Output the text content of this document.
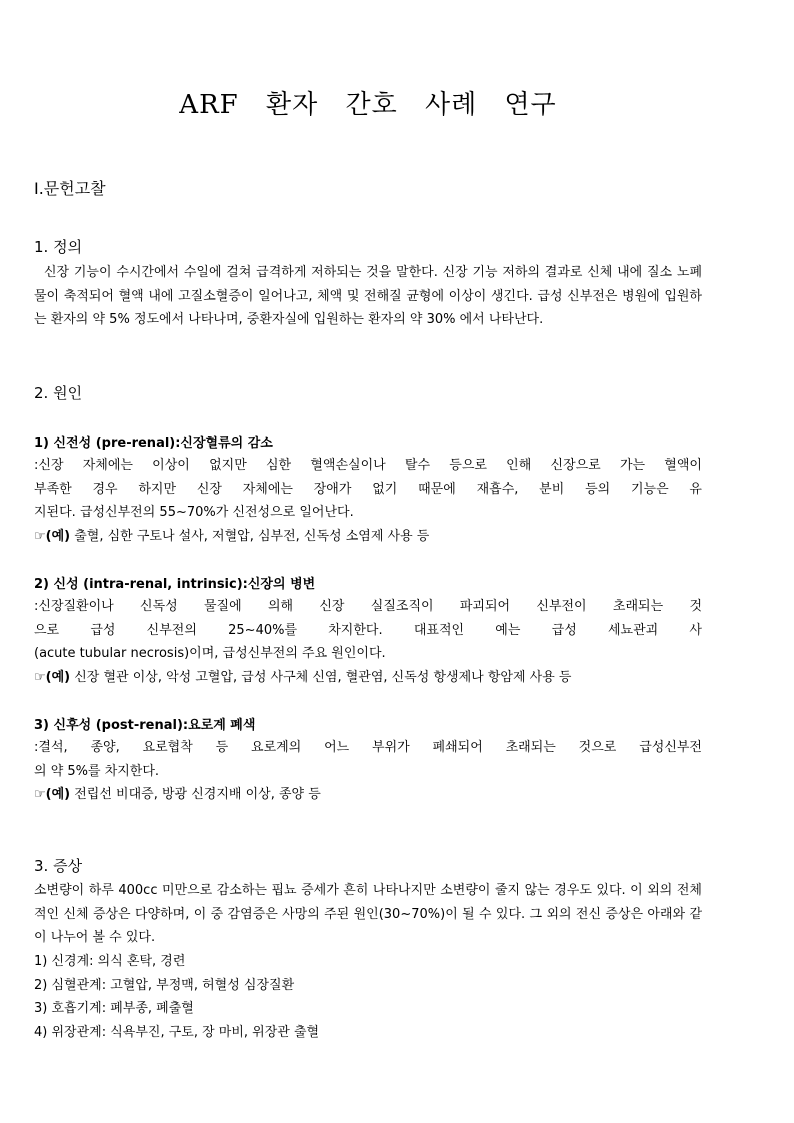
ARF 환자 간호 사례 연구
Ⅰ.문헌고찰
1. 정의
신장 기능이 수시간에서 수일에 걸쳐 급격하게 저하되는 것을 말한다. 신장 기능 저하의 결과로 신체 내에 질소 노폐물이 축적되어 혈액 내에 고질소혈증이 일어나고, 체액 및 전해질 균형에 이상이 생긴다. 급성 신부전은 병원에 입원하는 환자의 약 5% 정도에서 나타나며, 중환자실에 입원하는 환자의 약 30% 에서 나타난다.
2. 원인
1) 신전성 (pre-renal):신장혈류의 감소
:신장 자체에는 이상이 없지만 심한 혈액손실이나 탈수 등으로 인해 신장으로 가는 혈액이
부족한 경우 하지만 신장 자체에는 장애가 없기 때문에 재흡수, 분비 등의 기능은 유
지된다. 급성신부전의 55~70%가 신전성으로 일어난다.
☞(예) 출혈, 심한 구토나 설사, 저혈압, 심부전, 신독성 소염제 사용 등
2) 신성 (intra-renal, intrinsic):신장의 병변
:신장질환이나 신독성 물질에 의해 신장 실질조직이 파괴되어 신부전이 초래되는 것
으로 급성 신부전의 25~40%를 차지한다. 대표적인 예는 급성 세뇨관괴 사
(acute tubular necrosis)이며, 급성신부전의 주요 원인이다.
☞(예) 신장 혈관 이상, 악성 고혈압, 급성 사구체 신염, 혈관염, 신독성 항생제나 항암제 사용 등
3) 신후성 (post-renal):요로계 폐색
:결석, 종양, 요로협착 등 요로계의 어느 부위가 폐쇄되어 초래되는 것으로 급성신부전
의 약 5%를 차지한다.
☞(예) 전립선 비대증, 방광 신경지배 이상, 종양 등
3. 증상
소변량이 하루 400cc 미만으로 감소하는 핍뇨 증세가 흔히 나타나지만 소변량이 줄지 않는 경우도 있다. 이 외의 전체적인 신체 증상은 다양하며, 이 중 감염증은 사망의 주된 원인(30~70%)이 될 수 있다. 그 외의 전신 증상은 아래와 같이 나누어 볼 수 있다.
1) 신경계: 의식 혼탁, 경련
2) 심혈관계: 고혈압, 부정맥, 허혈성 심장질환
3) 호흡기계: 폐부종, 폐출혈
4) 위장관계: 식욕부진, 구토, 장 마비, 위장관 출혈
